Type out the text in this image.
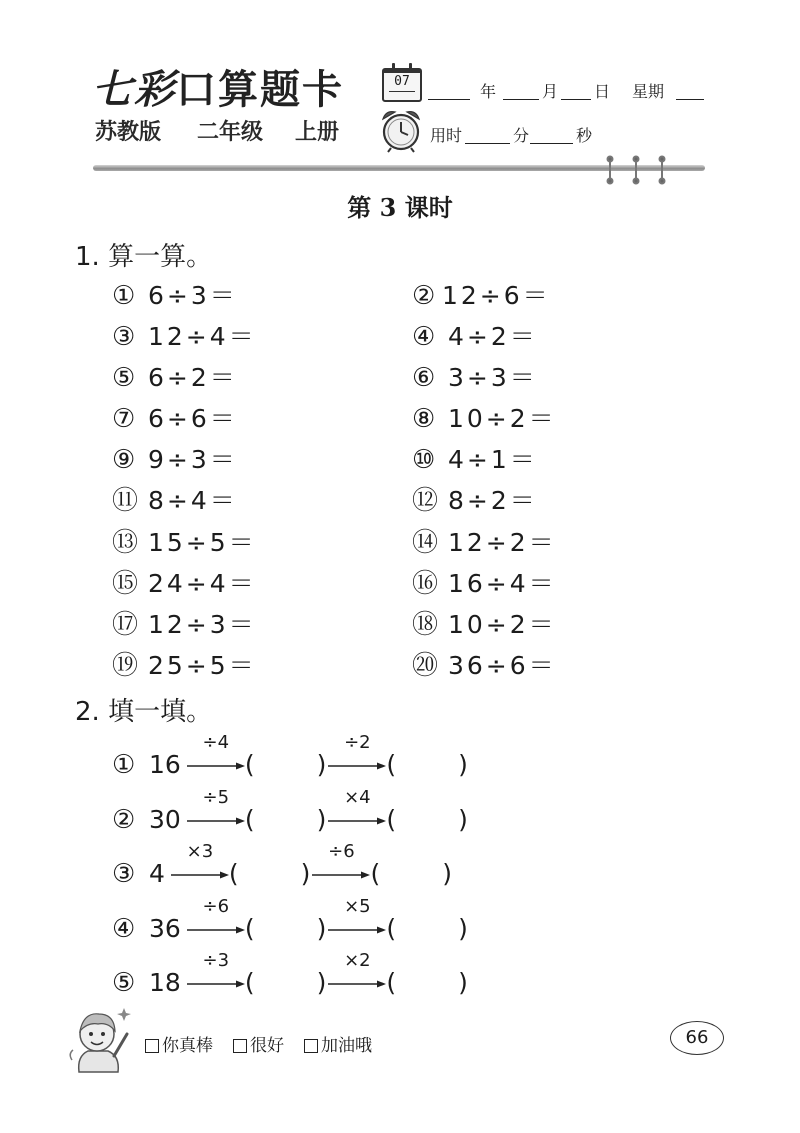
七彩口算题卡
苏教版 二年级 上册
07
年	月 日 星期
用时	分	秒
第 3 课时
1. 算一算。
① 6÷3＝	② 12÷6＝
③ 12÷4＝	④ 4÷2＝
⑤ 6÷2＝	⑥ 3÷3＝
⑦ 6÷6＝	⑧ 10÷2＝
⑨ 9÷3＝	⑩ 4÷1＝
⑪ 8÷4＝	⑫ 8÷2＝
⑬ 15÷5＝	⑭ 12÷2＝
⑮ 24÷4＝	⑯ 16÷4＝
⑰ 12÷3＝	⑱ 10÷2＝
⑲ 25÷5＝	⑳ 36÷6＝
2. 填一填。
① 16
÷4
( )
÷2
( )
② 30
÷5
( )
×4
( )
③ 4
×3
( )
÷6
( )
④ 36
÷6
( )
×5
( )
⑤ 18
÷3
( )
×2
( )
你真棒 很好 加油哦	66
